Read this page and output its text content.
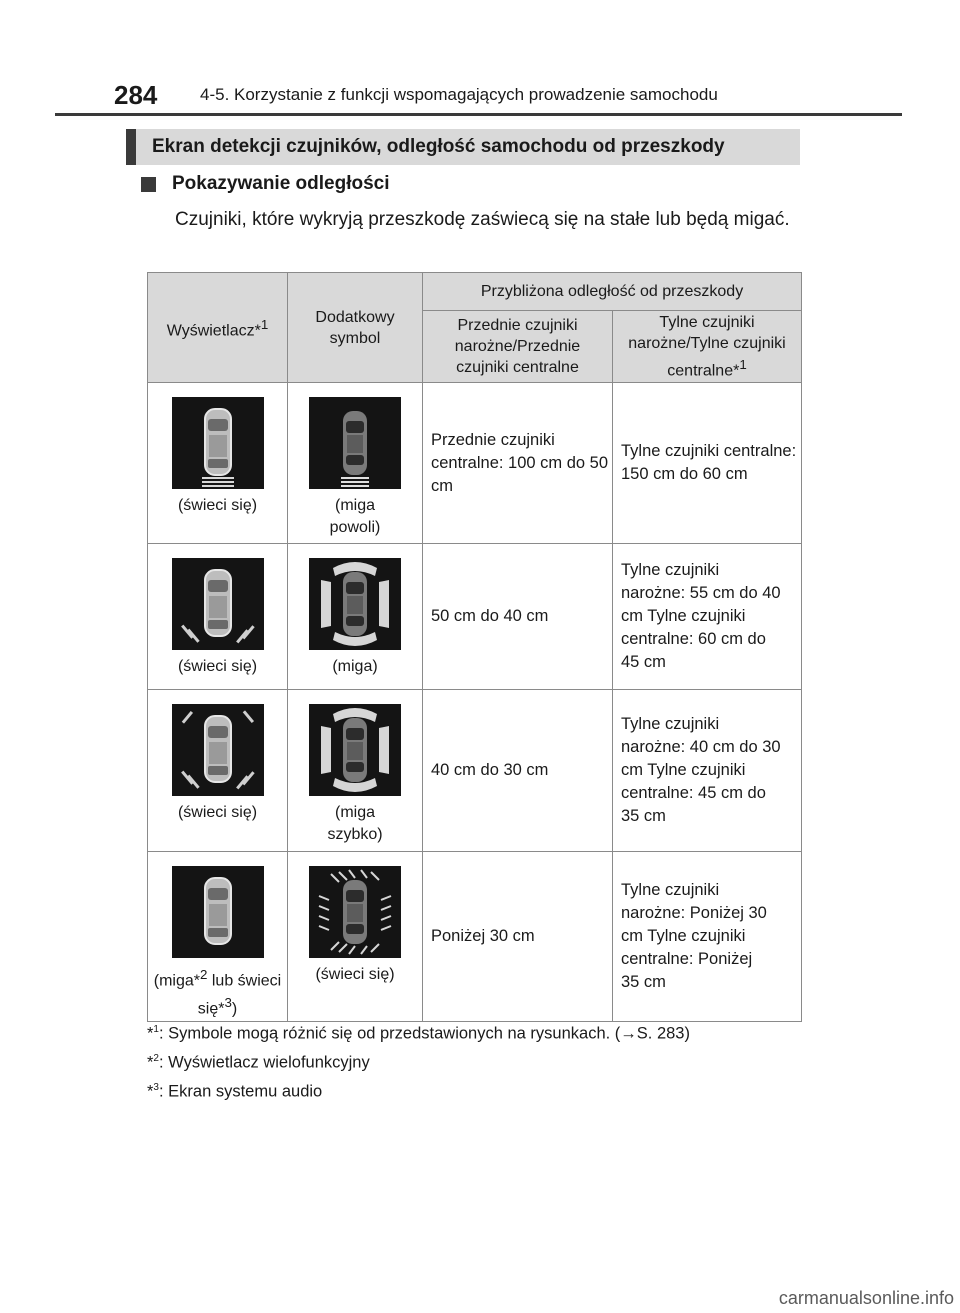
284	4-5. Korzystanie z funkcji wspomagających prowadzenie samochodu
Ekran detekcji czujników, odległość samochodu od przeszkody
Pokazywanie odległości
Czujniki, które wykryją przeszkodę zaświecą się na stałe lub będą migać.
Wyświetlacz*$^1$	Dodatkowy symbol	Przybliżona odległość od przeszkody	

		Przednie czujniki narożne/Przednie czujniki centralne	Tylne czujniki narożne/Tylne czujniki centralne*$^1$

(świeci się)	(miga powoli)	Przednie czujniki centralne: 100 cm do 50 cm	Tylne czujniki centralne: 150 cm do 60 cm

(świeci się)	(miga)	50 cm do 40 cm	Tylne czujniki narożne: 55 cm do 40 cm Tylne czujniki centralne: 60 cm do 45 cm

(świeci się)	(miga szybko)	40 cm do 30 cm	Tylne czujniki narożne: 40 cm do 30 cm Tylne czujniki centralne: 45 cm do 35 cm

(miga*$^2$ lub świeci się*$^3$)	(świeci się)	Poniżej 30 cm	Tylne czujniki narożne: Poniżej 30 cm Tylne czujniki centralne: Poniżej 35 cm
*$^1$: Symbole mogą różnić się od przedstawionych na rysunkach. (→S. 283)
*$^2$: Wyświetlacz wielofunkcyjny
*$^3$: Ekran systemu audio
carmanualsonline.info
